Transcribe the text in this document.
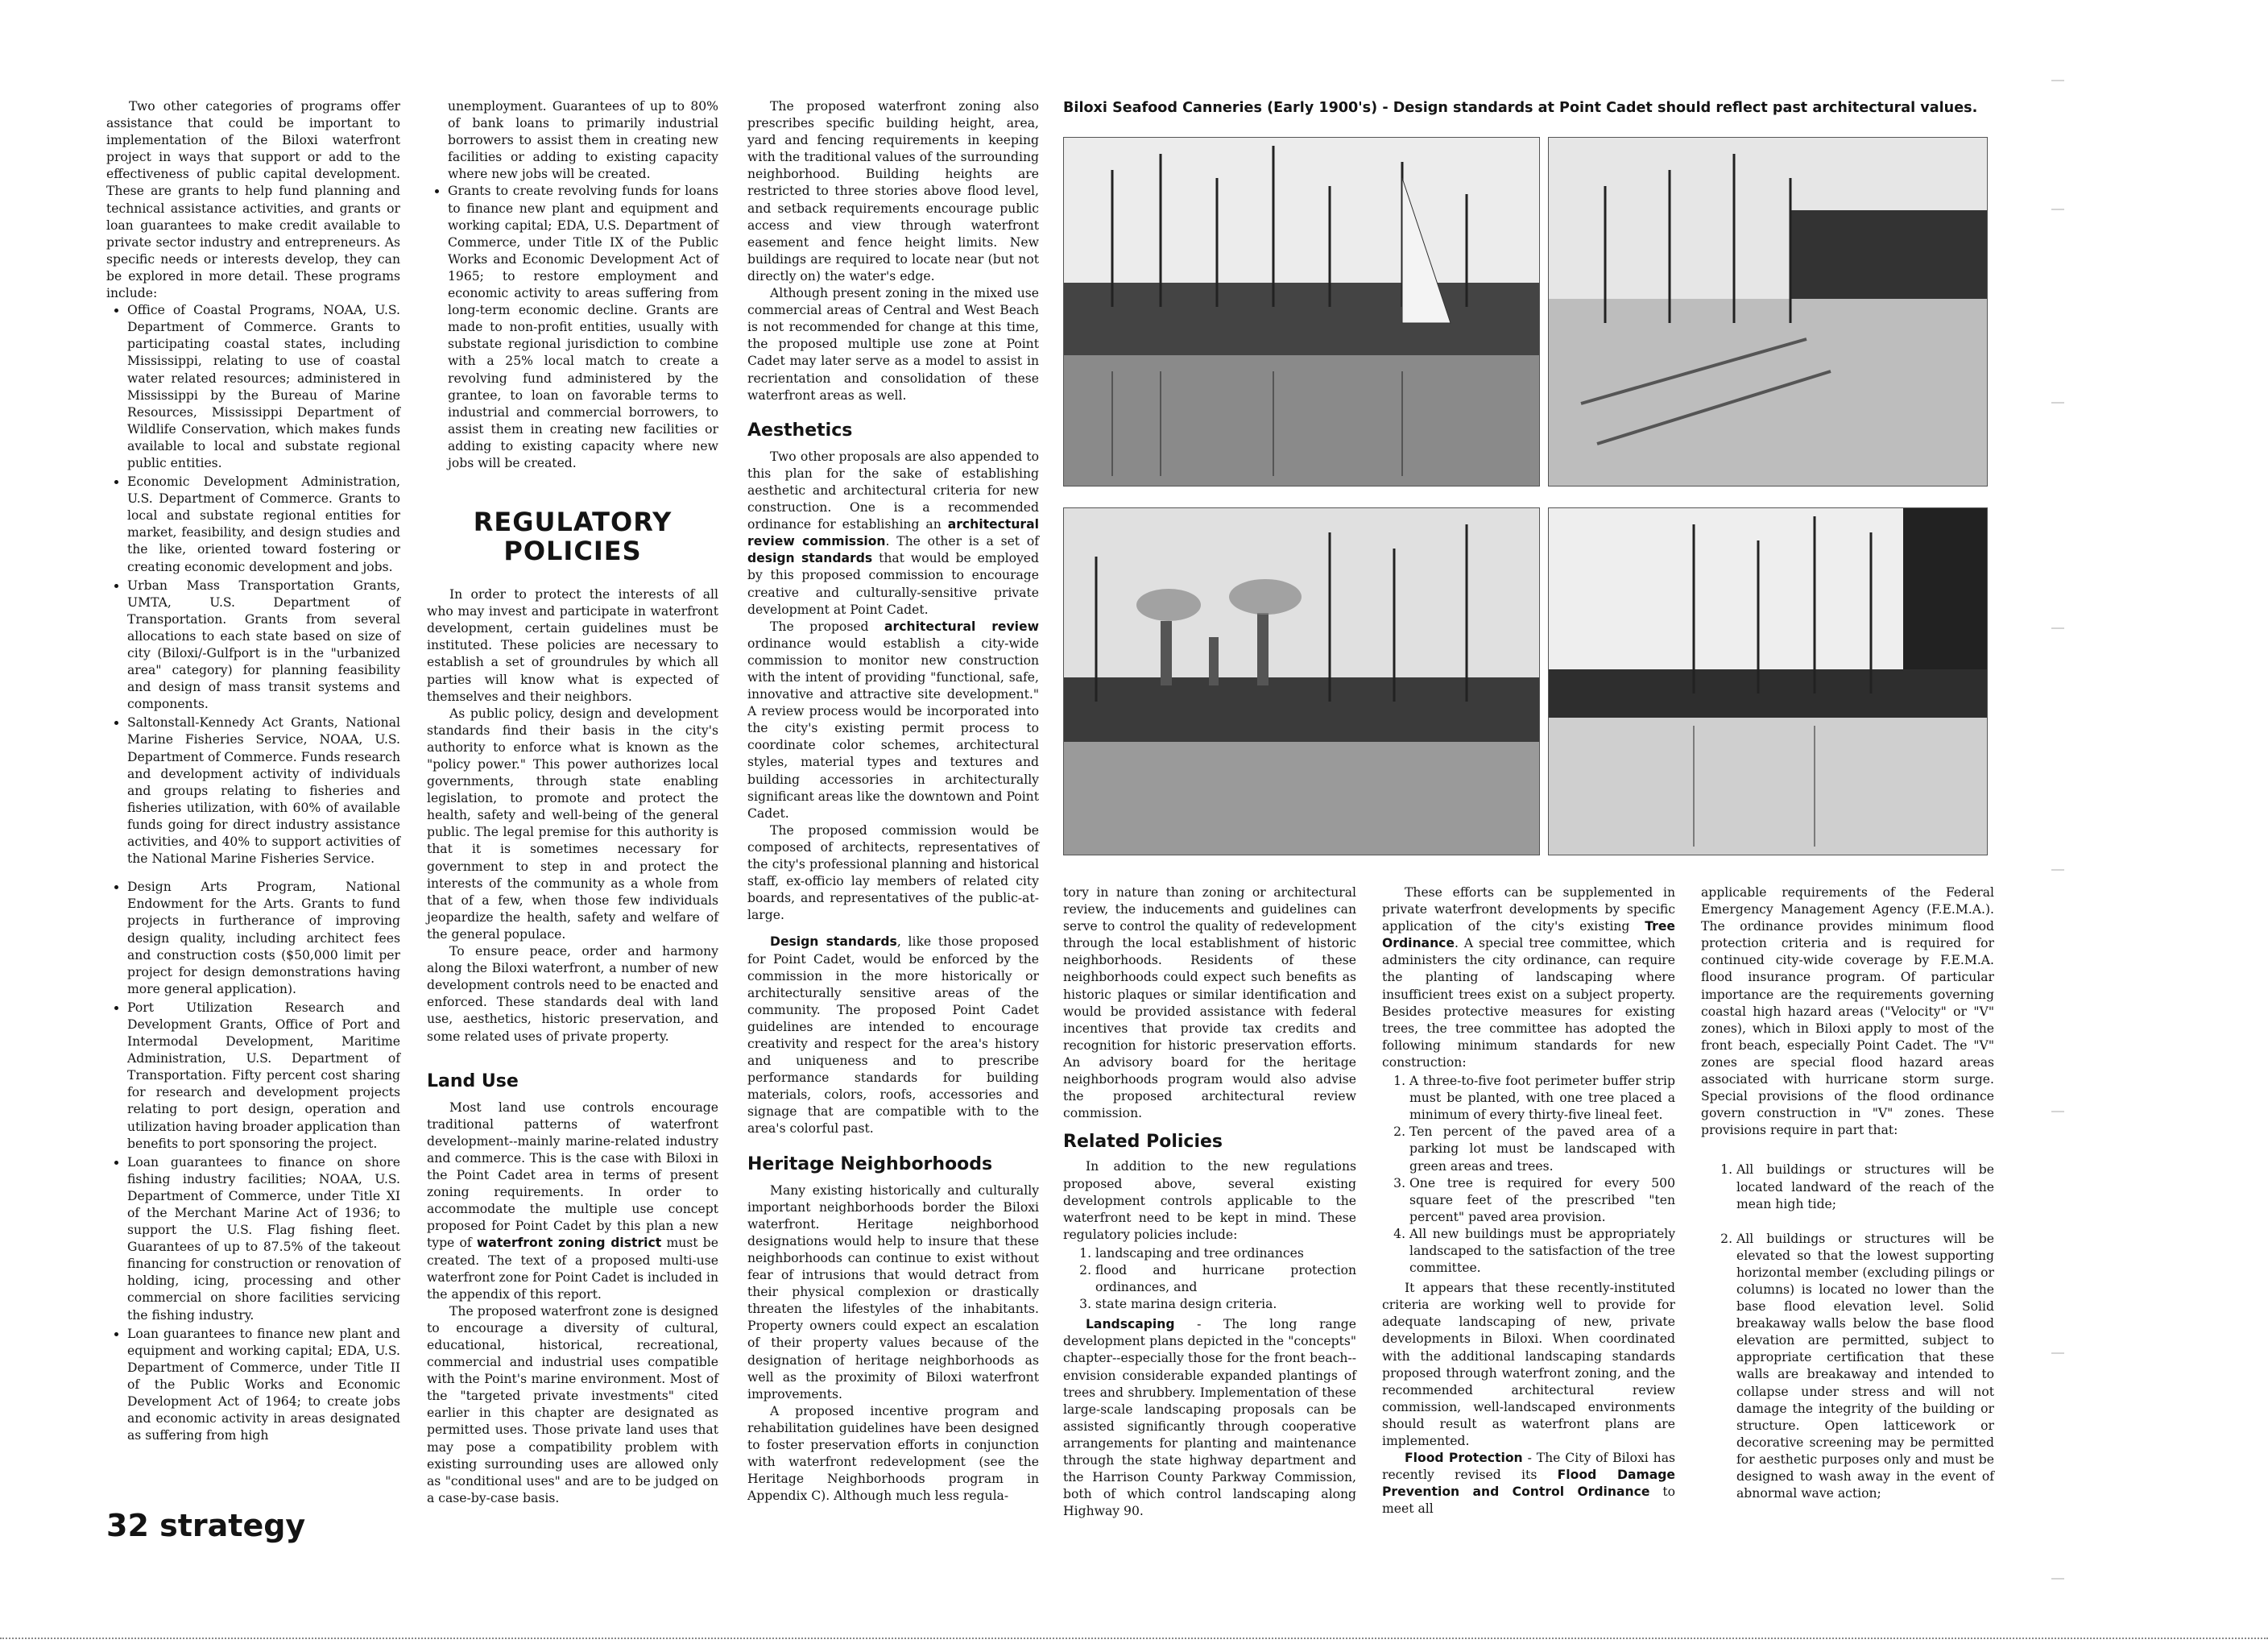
Two other categories of programs offer assistance that could be important to implementation of the Biloxi waterfront project in ways that support or add to the effectiveness of public capital development. These are grants to help fund planning and technical assistance activities, and grants or loan guarantees to make credit available to private sector industry and entrepreneurs. As specific needs or interests develop, they can be explored in more detail. These programs include:

• Office of Coastal Programs, NOAA, U.S. Department of Commerce. Grants to participating coastal states, including Mississippi, relating to use of coastal water related resources; administered in Mississippi by the Bureau of Marine Resources, Mississippi Department of Wildlife Conservation, which makes funds available to local and substate regional public entities.
• Economic Development Administration, U.S. Department of Commerce. Grants to local and substate regional entities for market, feasibility, and design studies and the like, oriented toward fostering or creating economic development and jobs.
• Urban Mass Transportation Grants, UMTA, U.S. Department of Transportation. Grants from several allocations to each state based on size of city (Biloxi/-Gulfport is in the "urbanized area" category) for planning feasibility and design of mass transit systems and components.
• Saltonstall-Kennedy Act Grants, National Marine Fisheries Service, NOAA, U.S. Department of Commerce. Funds research and development activity of individuals and groups relating to fisheries and fisheries utilization, with 60% of available funds going for direct industry assistance activities, and 40% to support activities of the National Marine Fisheries Service.
• Design Arts Program, National Endowment for the Arts. Grants to fund projects in furtherance of improving design quality, including architect fees and construction costs ($50,000 limit per project for design demonstrations having more general application).
• Port Utilization Research and Development Grants, Office of Port and Intermodal Development, Maritime Administration, U.S. Department of Transportation. Fifty percent cost sharing for research and development projects relating to port design, operation and utilization having broader application than benefits to port sponsoring the project.
• Loan guarantees to finance on shore fishing industry facilities; NOAA, U.S. Department of Commerce, under Title XI of the Merchant Marine Act of 1936; to support the U.S. Flag fishing fleet. Guarantees of up to 87.5% of the takeout financing for construction or renovation of holding, icing, processing and other commercial on shore facilities servicing the fishing industry.
• Loan guarantees to finance new plant and equipment and working capital; EDA, U.S. Department of Commerce, under Title II of the Public Works and Economic Development Act of 1964; to create jobs and economic activity in areas designated as suffering from high

unemployment. Guarantees of up to 80% of bank loans to primarily industrial borrowers to assist them in creating new facilities or adding to existing capacity where new jobs will be created.

• Grants to create revolving funds for loans to finance new plant and equipment and working capital; EDA, U.S. Department of Commerce, under Title IX of the Public Works and Economic Development Act of 1965; to restore employment and economic activity to areas suffering from long-term economic decline. Grants are made to non-profit entities, usually with substate regional jurisdiction to combine with a 25% local match to create a revolving fund administered by the grantee, to loan on favorable terms to industrial and commercial borrowers, to assist them in creating new facilities or adding to existing capacity where new jobs will be created.
REGULATORY
POLICIES

In order to protect the interests of all who may invest and participate in waterfront development, certain guidelines must be instituted. These policies are necessary to establish a set of groundrules by which all parties will know what is expected of themselves and their neighbors.

As public policy, design and development standards find their basis in the city's authority to enforce what is known as the "policy power." This power authorizes local governments, through state enabling legislation, to promote and protect the health, safety and well-being of the general public. The legal premise for this authority is that it is sometimes necessary for government to step in and protect the interests of the community as a whole from that of a few, when those few individuals jeopardize the health, safety and welfare of the general populace.

To ensure peace, order and harmony along the Biloxi waterfront, a number of new development controls need to be enacted and enforced. These standards deal with land use, aesthetics, historic preservation, and some related uses of private property.

Land Use

Most land use controls encourage traditional patterns of waterfront development--mainly marine-related industry and commerce. This is the case with Biloxi in the Point Cadet area in terms of present zoning requirements. In order to accommodate the multiple use concept proposed for Point Cadet by this plan a new type of waterfront zoning district must be created. The text of a proposed multi-use waterfront zone for Point Cadet is included in the appendix of this report.

The proposed waterfront zone is designed to encourage a diversity of cultural, educational, historical, recreational, commercial and industrial uses compatible with the Point's marine environment. Most of the "targeted private investments" cited earlier in this chapter are designated as permitted uses. Those private land uses that may pose a compatibility problem with existing surrounding uses are allowed only as "conditional uses" and are to be judged on a case-by-case basis.

The proposed waterfront zoning also prescribes specific building height, area, yard and fencing requirements in keeping with the traditional values of the surrounding neighborhood. Building heights are restricted to three stories above flood level, and setback requirements encourage public access and view through waterfront easement and fence height limits. New buildings are required to locate near (but not directly on) the water's edge.

Although present zoning in the mixed use commercial areas of Central and West Beach is not recommended for change at this time, the proposed multiple use zone at Point Cadet may later serve as a model to assist in recrientation and consolidation of these waterfront areas as well.

Aesthetics

Two other proposals are also appended to this plan for the sake of establishing aesthetic and architectural criteria for new construction. One is a recommended ordinance for establishing an architectural review commission. The other is a set of design standards that would be employed by this proposed commission to encourage creative and culturally-sensitive private development at Point Cadet.

The proposed architectural review ordinance would establish a city-wide commission to monitor new construction with the intent of providing "functional, safe, innovative and attractive site development." A review process would be incorporated into the city's existing permit process to coordinate color schemes, architectural styles, material types and textures and building accessories in architecturally significant areas like the downtown and Point Cadet.

The proposed commission would be composed of architects, representatives of the city's professional planning and historical staff, ex-officio lay members of related city boards, and representatives of the public-at-large.

Design standards, like those proposed for Point Cadet, would be enforced by the commission in the more historically or architecturally sensitive areas of the community. The proposed Point Cadet guidelines are intended to encourage creativity and respect for the area's history and uniqueness and to prescribe performance standards for building materials, colors, roofs, accessories and signage that are compatible with to the area's colorful past.

Heritage Neighborhoods

Many existing historically and culturally important neighborhoods border the Biloxi waterfront. Heritage neighborhood designations would help to insure that these neighborhoods can continue to exist without fear of intrusions that would detract from their physical complexion or drastically threaten the lifestyles of the inhabitants. Property owners could expect an escalation of their property values because of the designation of heritage neighborhoods as well as the proximity of Biloxi waterfront improvements.

A proposed incentive program and rehabilitation guidelines have been designed to foster preservation efforts in conjunction with waterfront redevelopment (see the Heritage Neighborhoods program in Appendix C). Although much less regula-

Biloxi Seafood Canneries (Early 1900's) - Design standards at Point Cadet should reflect past architectural values.

tory in nature than zoning or architectural review, the inducements and guidelines can serve to control the quality of redevelopment through the local establishment of historic neighborhoods. Residents of these neighborhoods could expect such benefits as historic plaques or similar identification and would be provided assistance with federal incentives that provide tax credits and recognition for historic preservation efforts. An advisory board for the heritage neighborhoods program would also advise the proposed architectural review commission.

Related Policies

In addition to the new regulations proposed above, several existing development controls applicable to the waterfront need to be kept in mind. These regulatory policies include:

1. landscaping and tree ordinances
2. flood and hurricane protection ordinances, and
3. state marina design criteria.

Landscaping - The long range development plans depicted in the "concepts" chapter--especially those for the front beach--envision considerable expanded plantings of trees and shrubbery. Implementation of these large-scale landscaping proposals can be assisted significantly through cooperative arrangements for planting and maintenance through the state highway department and the Harrison County Parkway Commission, both of which control landscaping along Highway 90.

These efforts can be supplemented in private waterfront developments by specific application of the city's existing Tree Ordinance. A special tree committee, which administers the city ordinance, can require the planting of landscaping where insufficient trees exist on a subject property. Besides protective measures for existing trees, the tree committee has adopted the following minimum standards for new construction:

1. A three-to-five foot perimeter buffer strip must be planted, with one tree placed a minimum of every thirty-five lineal feet.
2. Ten percent of the paved area of a parking lot must be landscaped with green areas and trees.
3. One tree is required for every 500 square feet of the prescribed "ten percent" paved area provision.
4. All new buildings must be appropriately landscaped to the satisfaction of the tree committee.

It appears that these recently-instituted criteria are working well to provide for adequate landscaping of new, private developments in Biloxi. When coordinated with the additional landscaping standards proposed through waterfront zoning, and the recommended architectural review commission, well-landscaped environments should result as waterfront plans are implemented.

Flood Protection - The City of Biloxi has recently revised its Flood Damage Prevention and Control Ordinance to meet all

applicable requirements of the Federal Emergency Management Agency (F.E.M.A.). The ordinance provides minimum flood protection criteria and is required for continued city-wide coverage by F.E.M.A. flood insurance program. Of particular importance are the requirements governing coastal high hazard areas ("Velocity" or "V" zones), which in Biloxi apply to most of the front beach, especially Point Cadet. The "V" zones are special flood hazard areas associated with hurricane storm surge. Special provisions of the flood ordinance govern construction in "V" zones. These provisions require in part that:

1. All buildings or structures will be located landward of the reach of the mean high tide;
2. All buildings or structures will be elevated so that the lowest supporting horizontal member (excluding pilings or columns) is located no lower than the base flood elevation level. Solid breakaway walls below the base flood elevation are permitted, subject to appropriate certification that these walls are breakaway and intended to collapse under stress and will not damage the integrity of the building or structure. Open latticework or decorative screening may be permitted for aesthetic purposes only and must be designed to wash away in the event of abnormal wave action;
32 strategy
